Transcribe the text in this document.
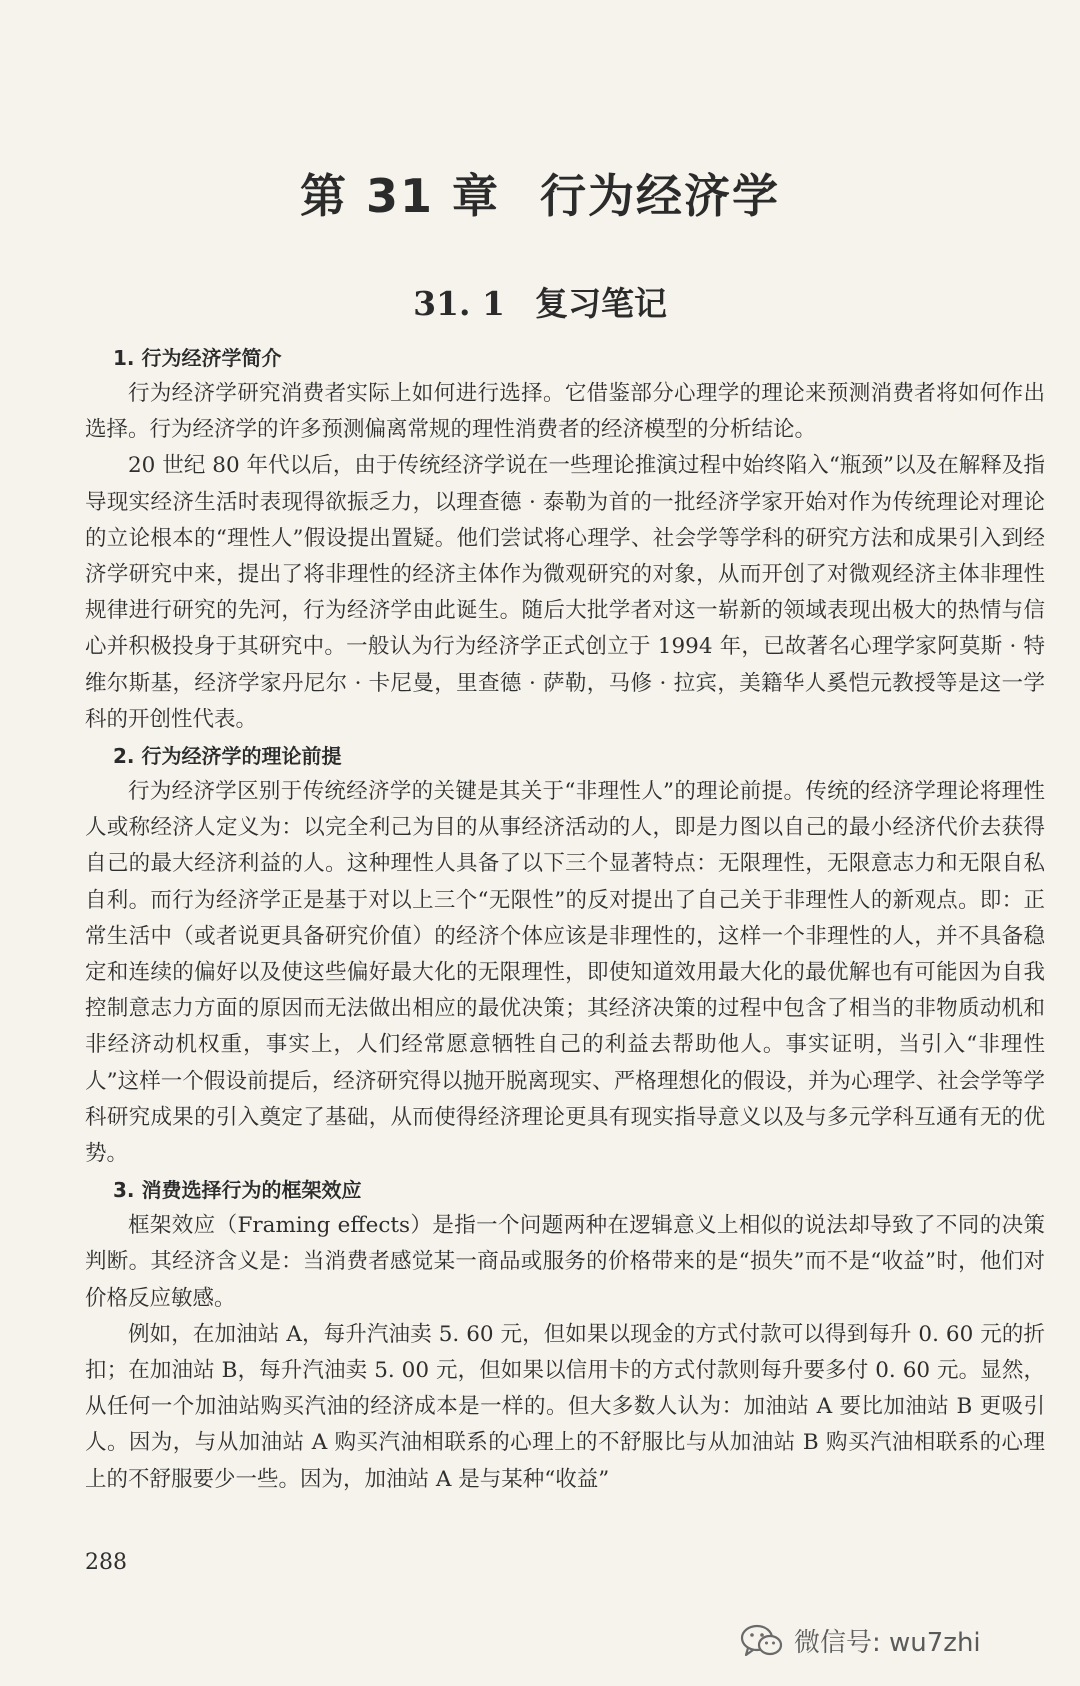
第 31 章 行为经济学
31. 1 复习笔记

1. 行为经济学简介

行为经济学研究消费者实际上如何进行选择。它借鉴部分心理学的理论来预测消费者将如何作出选择。行为经济学的许多预测偏离常规的理性消费者的经济模型的分析结论。

20 世纪 80 年代以后，由于传统经济学说在一些理论推演过程中始终陷入“瓶颈”以及在解释及指导现实经济生活时表现得欲振乏力，以理查德 · 泰勒为首的一批经济学家开始对作为传统理论对理论的立论根本的“理性人”假设提出置疑。他们尝试将心理学、社会学等学科的研究方法和成果引入到经济学研究中来，提出了将非理性的经济主体作为微观研究的对象，从而开创了对微观经济主体非理性规律进行研究的先河，行为经济学由此诞生。随后大批学者对这一崭新的领域表现出极大的热情与信心并积极投身于其研究中。一般认为行为经济学正式创立于 1994 年，已故著名心理学家阿莫斯 · 特维尔斯基，经济学家丹尼尔 · 卡尼曼，里查德 · 萨勒，马修 · 拉宾，美籍华人奚恺元教授等是这一学科的开创性代表。

2. 行为经济学的理论前提

行为经济学区别于传统经济学的关键是其关于“非理性人”的理论前提。传统的经济学理论将理性人或称经济人定义为：以完全利己为目的从事经济活动的人，即是力图以自己的最小经济代价去获得自己的最大经济利益的人。这种理性人具备了以下三个显著特点：无限理性，无限意志力和无限自私自利。而行为经济学正是基于对以上三个“无限性”的反对提出了自己关于非理性人的新观点。即：正常生活中（或者说更具备研究价值）的经济个体应该是非理性的，这样一个非理性的人，并不具备稳定和连续的偏好以及使这些偏好最大化的无限理性，即使知道效用最大化的最优解也有可能因为自我控制意志力方面的原因而无法做出相应的最优决策；其经济决策的过程中包含了相当的非物质动机和非经济动机权重，事实上，人们经常愿意牺牲自己的利益去帮助他人。事实证明，当引入“非理性人”这样一个假设前提后，经济研究得以抛开脱离现实、严格理想化的假设，并为心理学、社会学等学科研究成果的引入奠定了基础，从而使得经济理论更具有现实指导意义以及与多元学科互通有无的优势。

3. 消费选择行为的框架效应

框架效应（Framing effects）是指一个问题两种在逻辑意义上相似的说法却导致了不同的决策判断。其经济含义是：当消费者感觉某一商品或服务的价格带来的是“损失”而不是“收益”时，他们对价格反应敏感。

例如，在加油站 A，每升汽油卖 5. 60 元，但如果以现金的方式付款可以得到每升 0. 60 元的折扣；在加油站 B，每升汽油卖 5. 00 元，但如果以信用卡的方式付款则每升要多付 0. 60 元。显然，从任何一个加油站购买汽油的经济成本是一样的。但大多数人认为：加油站 A 要比加油站 B 更吸引人。因为，与从加油站 A 购买汽油相联系的心理上的不舒服比与从加油站 B 购买汽油相联系的心理上的不舒服要少一些。因为，加油站 A 是与某种“收益”

288
微信号: wu7zhi
